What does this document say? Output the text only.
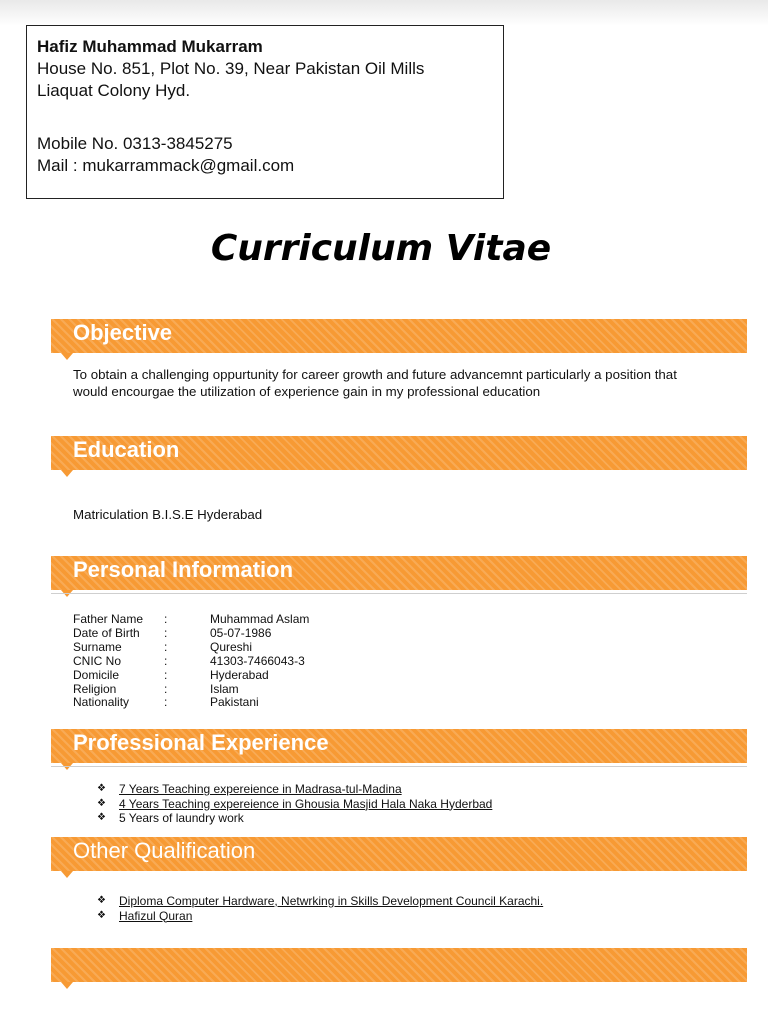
Hafiz Muhammad Mukarram
House No. 851, Plot No. 39, Near Pakistan Oil Mills
Liaquat Colony Hyd.
Mobile No. 0313-3845275
Mail : mukarrammack@gmail.com
Curriculum Vitae
Objective
To obtain a challenging oppurtunity for career growth and future advancemnt particularly a position that would encourgae the utilization of experience gain in my professional education
Education
Matriculation B.I.S.E Hyderabad
Personal Information
Father Name :	Muhammad Aslam
Date of Birth :	05-07-1986
Surname	:	Qureshi
CNIC No	:	41303-7466043-3
Domicile	:	Hyderabad
Religion	:	Islam
Nationality	:	Pakistani
Professional Experience
❖ 7 Years Teaching expereience in Madrasa-tul-Madina
❖ 4 Years Teaching expereience in Ghousia Masjid Hala Naka Hyderbad
❖ 5 Years of laundry work
Other Qualification
❖ Diploma Computer Hardware, Netwrking in Skills Development Council Karachi.
❖ Hafizul Quran
